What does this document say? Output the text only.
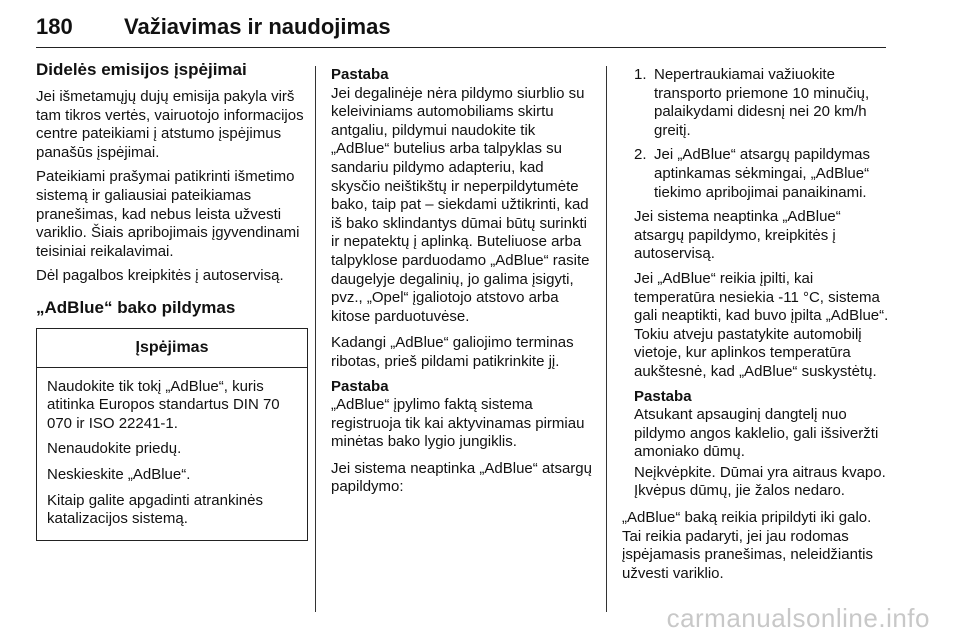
180 Važiavimas ir naudojimas
Didelės emisijos įspėjimai

Jei išmetamųjų dujų emisija pakyla virš tam tikros vertės, vairuotojo informacijos centre pateikiami į atstumo įspėjimus panašūs įspėjimai.

Pateikiami prašymai patikrinti išmetimo sistemą ir galiausiai pateikiamas pranešimas, kad nebus leista užvesti variklio. Šiais apribojimais įgyvendinami teisiniai reikalavimai.

Dėl pagalbos kreipkitės į autoservisą.

„AdBlue“ bako pildymas
Įspėjimas

Naudokite tik tokį „AdBlue“, kuris atitinka Europos standartus DIN 70 070 ir ISO 22241-1.

Nenaudokite priedų.

Neskieskite „AdBlue“.

Kitaip galite apgadinti atrankinės katalizacijos sistemą.

Pastaba

Jei degalinėje nėra pildymo siurblio su keleiviniams automobiliams skirtu antgaliu, pildymui naudokite tik „AdBlue“ butelius arba talpyklas su sandariu pildymo adapteriu, kad skysčio neištikštų ir neperpildytumėte bako, taip pat – siekdami užtikrinti, kad iš bako sklindantys dūmai būtų surinkti ir nepatektų į aplinką. Buteliuose arba talpyklose parduodamo „AdBlue“ rasite daugelyje degalinių, jo galima įsigyti, pvz., „Opel“ įgaliotojo atstovo arba kitose parduotuvėse.

Kadangi „AdBlue“ galiojimo terminas ribotas, prieš pildami patikrinkite jį.

Pastaba

„AdBlue“ įpylimo faktą sistema registruoja tik kai aktyvinamas pirmiau minėtas bako lygio jungiklis.

Jei sistema neaptinka „AdBlue“ atsargų papildymo:

1. Nepertraukiamai važiuokite transporto priemone 10 minučių, palaikydami didesnį nei 20 km/h greitį.
2. Jei „AdBlue“ atsargų papildymas aptinkamas sėkmingai, „AdBlue“ tiekimo apribojimai panaikinami.

Jei sistema neaptinka „AdBlue“ atsargų papildymo, kreipkitės į autoservisą.

Jei „AdBlue“ reikia įpilti, kai temperatūra nesiekia -11 °C, sistema gali neaptikti, kad buvo įpilta „AdBlue“. Tokiu atveju pastatykite automobilį vietoje, kur aplinkos temperatūra aukštesnė, kad „AdBlue“ suskystėtų.

Pastaba

Atsukant apsauginį dangtelį nuo pildymo angos kaklelio, gali išsiveržti amoniako dūmų.

Neįkvėpkite. Dūmai yra aitraus kvapo. Įkvėpus dūmų, jie žalos nedaro.

„AdBlue“ baką reikia pripildyti iki galo. Tai reikia padaryti, jei jau rodomas įspėjamasis pranešimas, neleidžiantis užvesti variklio.

carmanualsonline.info
